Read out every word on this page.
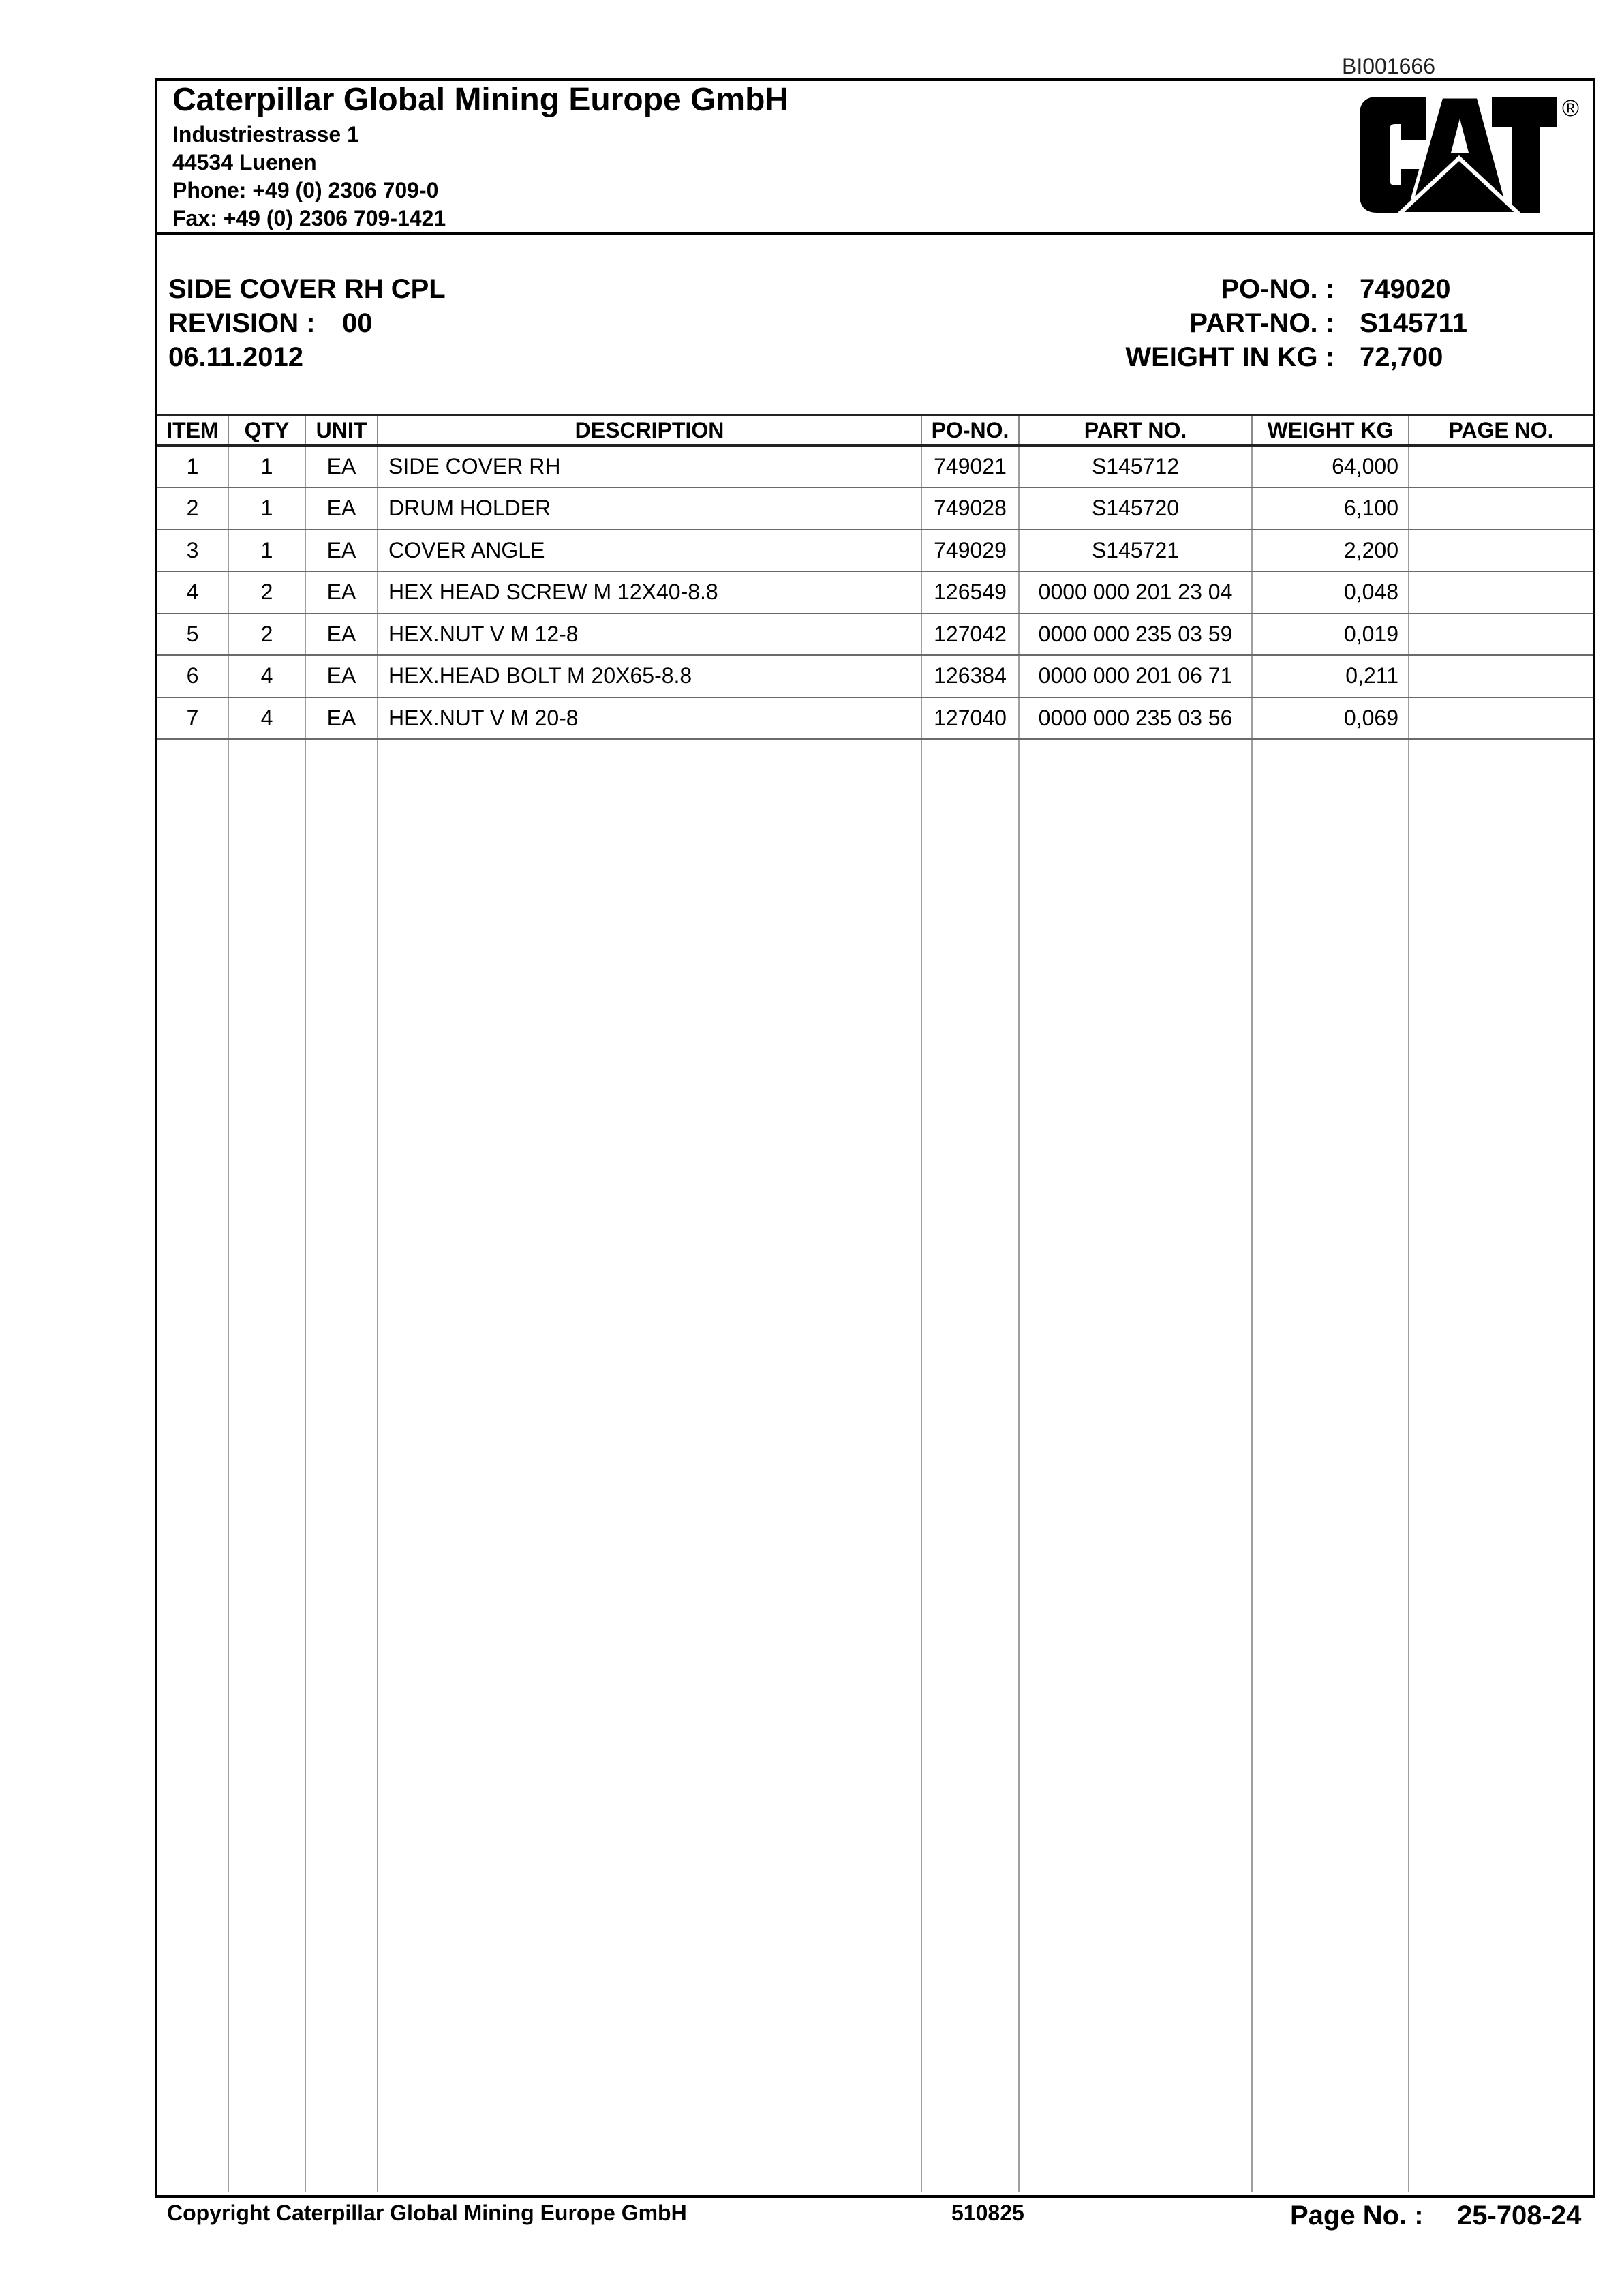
BI001666
Caterpillar Global Mining Europe GmbH
Industriestrasse 1
44534 Luenen
Phone: +49 (0) 2306 709-0
Fax: +49 (0) 2306 709-1421
®
SIDE COVER RH CPL
REVISION : 00
06.11.2012
PO-NO. : 749020
PART-NO. : S145711
WEIGHT IN KG : 72,700
ITEM	QTY	UNIT	DESCRIPTION	PO-NO.	PART NO.	WEIGHT KG	PAGE NO.
1	1	EA	SIDE COVER RH	749021	S145712	64,000	
2	1	EA	DRUM HOLDER	749028	S145720	6,100	
3	1	EA	COVER ANGLE	749029	S145721	2,200	
4	2	EA	HEX HEAD SCREW M 12X40-8.8	126549	0000 000 201 23 04	0,048	
5	2	EA	HEX.NUT V M 12-8	127042	0000 000 235 03 59	0,019	
6	4	EA	HEX.HEAD BOLT M 20X65-8.8	126384	0000 000 201 06 71	0,211	
7	4	EA	HEX.NUT V M 20-8	127040	0000 000 235 03 56	0,069	

Copyright Caterpillar Global Mining Europe GmbH	510825	Page No. : 25-708-24
